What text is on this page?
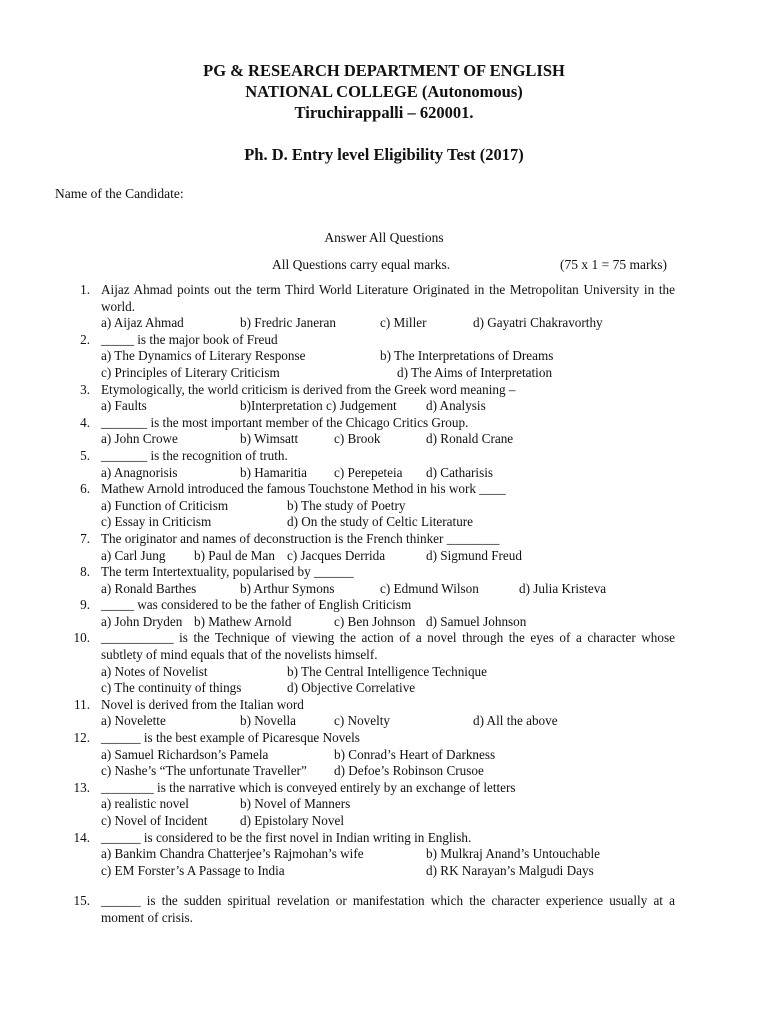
PG & RESEARCH DEPARTMENT OF ENGLISH
NATIONAL COLLEGE (Autonomous)
Tiruchirappalli – 620001.
Ph. D. Entry level Eligibility Test (2017)
Name of the Candidate:
Answer All Questions
All Questions carry equal marks.	(75 x 1 = 75 marks)
1. Aijaz Ahmad points out the term Third World Literature Originated in the Metropolitan University in the world.
a) Aijaz Ahmad	b) Fredric Janeran	c) Miller	d) Gayatri Chakravorthy
2. _____ is the major book of Freud
a) The Dynamics of Literary Response	b) The Interpretations of Dreams
c) Principles of Literary Criticism	d) The Aims of Interpretation
3. Etymologically, the world criticism is derived from the Greek word meaning –
a) Faults	b)Interpretation c) Judgement d) Analysis
4. _______ is the most important member of the Chicago Critics Group.
a) John Crowe	b) Wimsatt	c) Brook	d) Ronald Crane
5. _______ is the recognition of truth.
a) Anagnorisis	b) Hamaritia c) Perepeteia d) Catharisis
6. Mathew Arnold introduced the famous Touchstone Method in his work ____
a) Function of Criticism	b) The study of Poetry
c) Essay in Criticism	d) On the study of Celtic Literature
7. The originator and names of deconstruction is the French thinker ________
a) Carl Jung b) Paul de Man c) Jacques Derrida	d) Sigmund Freud
8. The term Intertextuality, popularised by ______
a) Ronald Barthes	b) Arthur Symons	c) Edmund Wilson	d) Julia Kristeva
9. _____ was considered to be the father of English Criticism
a) John Dryden b) Mathew Arnold	c) Ben Johnson d) Samuel Johnson
10. ___________ is the Technique of viewing the action of a novel through the eyes of a character whose subtlety of mind equals that of the novelists himself.
a) Notes of Novelist	b) The Central Intelligence Technique
c) The continuity of things	d) Objective Correlative
11. Novel is derived from the Italian word
a) Novelette	b) Novella	c) Novelty	d) All the above
12. ______ is the best example of Picaresque Novels
a) Samuel Richardson’s Pamela	b) Conrad’s Heart of Darkness
c) Nashe’s “The unfortunate Traveller” d) Defoe’s Robinson Crusoe
13. ________ is the narrative which is conveyed entirely by an exchange of letters
a) realistic novel	b) Novel of Manners
c) Novel of Incident d) Epistolary Novel
14. ______ is considered to be the first novel in Indian writing in English.
a) Bankim Chandra Chatterjee’s Rajmohan’s wife	b) Mulkraj Anand’s Untouchable
c) EM Forster’s A Passage to India	d) RK Narayan’s Malgudi Days
15. ______ is the sudden spiritual revelation or manifestation which the character experience usually at a moment of crisis.
